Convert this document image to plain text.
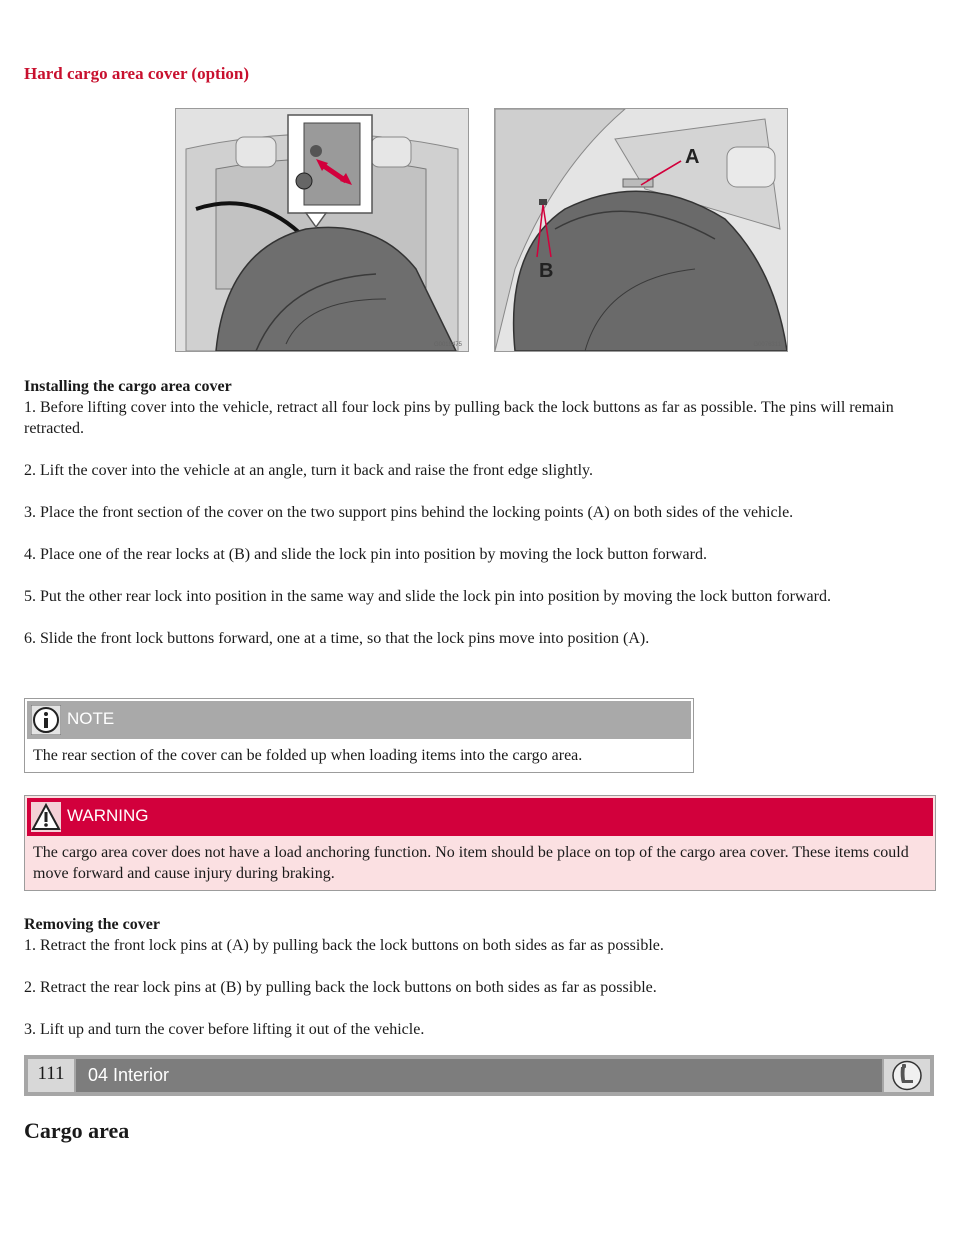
Hard cargo area cover (option)
G0019475
A
B
G0076311
Installing the cargo area cover

1. Before lifting cover into the vehicle, retract all four lock pins by pulling back the lock buttons as far as possible. The pins will remain retracted.

2. Lift the cover into the vehicle at an angle, turn it back and raise the front edge slightly.

3. Place the front section of the cover on the two support pins behind the locking points (A) on both sides of the vehicle.

4. Place one of the rear locks at (B) and slide the lock pin into position by moving the lock button forward.

5. Put the other rear lock into position in the same way and slide the lock pin into position by moving the lock button forward.

6. Slide the front lock buttons forward, one at a time, so that the lock pins move into position (A).

NOTE
The rear section of the cover can be folded up when loading items into the cargo area.
WARNING
The cargo area cover does not have a load anchoring function. No item should be place on top of the cargo area cover. These items could move forward and cause injury during braking.
Removing the cover

1. Retract the front lock pins at (A) by pulling back the lock buttons on both sides as far as possible.

2. Retract the rear lock pins at (B) by pulling back the lock buttons on both sides as far as possible.

3. Lift up and turn the cover before lifting it out of the vehicle.

111	04 Interior
Cargo area
